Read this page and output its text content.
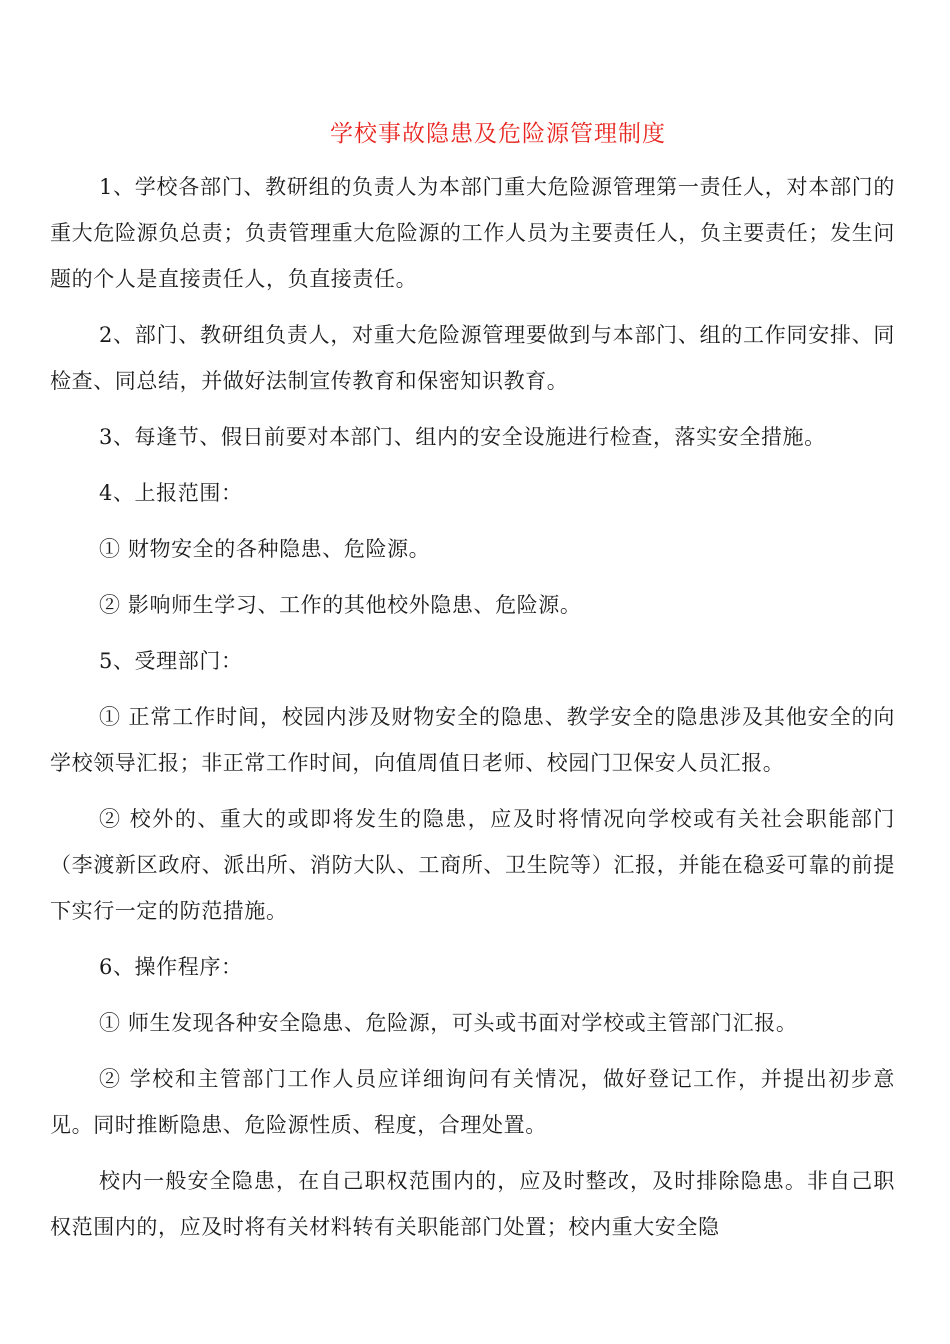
学校事故隐患及危险源管理制度

1、学校各部门、教研组的负责人为本部门重大危险源管理第一责任人，对本部门的重大危险源负总责；负责管理重大危险源的工作人员为主要责任人，负主要责任；发生问题的个人是直接责任人，负直接责任。

2、部门、教研组负责人，对重大危险源管理要做到与本部门、组的工作同安排、同检查、同总结，并做好法制宣传教育和保密知识教育。

3、每逢节、假日前要对本部门、组内的安全设施进行检查，落实安全措施。

4、上报范围：

① 财物安全的各种隐患、危险源。

② 影响师生学习、工作的其他校外隐患、危险源。

5、受理部门：

① 正常工作时间，校园内涉及财物安全的隐患、教学安全的隐患涉及其他安全的向学校领导汇报；非正常工作时间，向值周值日老师、校园门卫保安人员汇报。

② 校外的、重大的或即将发生的隐患，应及时将情况向学校或有关社会职能部门（李渡新区政府、派出所、消防大队、工商所、卫生院等）汇报，并能在稳妥可靠的前提下实行一定的防范措施。

6、操作程序：

① 师生发现各种安全隐患、危险源，可头或书面对学校或主管部门汇报。

② 学校和主管部门工作人员应详细询问有关情况，做好登记工作，并提出初步意见。同时推断隐患、危险源性质、程度，合理处置。

校内一般安全隐患，在自己职权范围内的，应及时整改，及时排除隐患。非自己职权范围内的，应及时将有关材料转有关职能部门处置；校内重大安全隐
